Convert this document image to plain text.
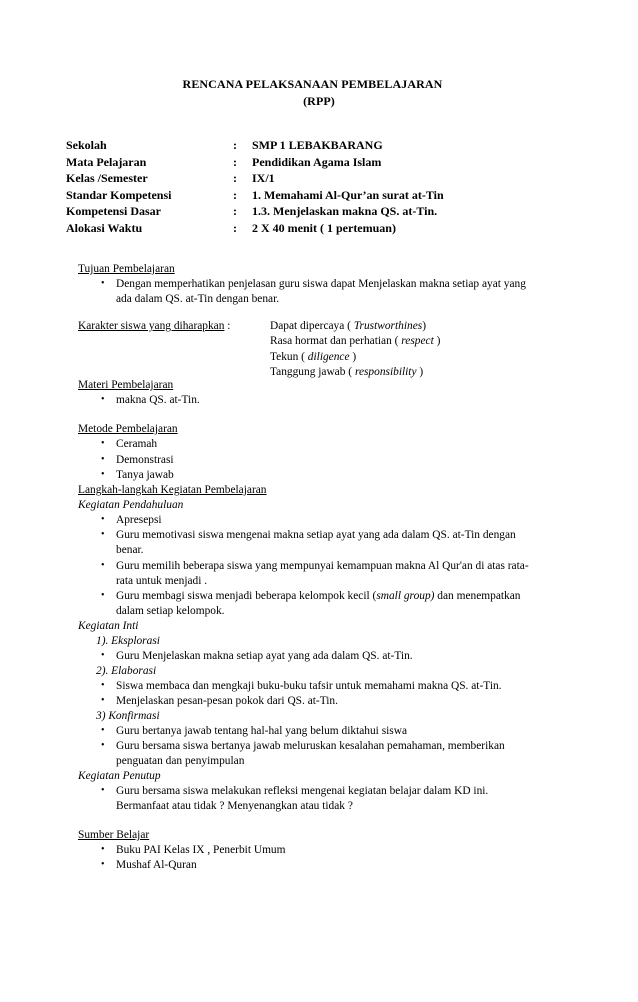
RENCANA PELAKSANAAN PEMBELAJARAN
(RPP)
Sekolah	: SMP 1 LEBAKBARANG
Mata Pelajaran	: Pendidikan Agama Islam
Kelas /Semester	: IX/1
Standar Kompetensi	: 1. Memahami Al-Qur’an surat at-Tin
Kompetensi Dasar	: 1.3. Menjelaskan makna QS. at-Tin.
Alokasi Waktu	: 2 X 40 menit ( 1 pertemuan)
Tujuan Pembelajaran
• Dengan memperhatikan penjelasan guru siswa dapat Menjelaskan makna setiap ayat yang
ada dalam QS. at-Tin dengan benar.
Karakter siswa yang diharapkan :	Dapat dipercaya ( Trustworthines)
Rasa hormat dan perhatian ( respect )
Tekun ( diligence )
Tanggung jawab ( responsibility )
Materi Pembelajaran
• makna QS. at-Tin.
Metode Pembelajaran
• Ceramah
• Demonstrasi
• Tanya jawab
Langkah-langkah Kegiatan Pembelajaran
Kegiatan Pendahuluan
• Apresepsi
• Guru memotivasi siswa mengenai makna setiap ayat yang ada dalam QS. at-Tin dengan
benar.
• Guru memilih beberapa siswa yang mempunyai kemampuan makna Al Qur'an di atas rata-
rata untuk menjadi .
• Guru membagi siswa menjadi beberapa kelompok kecil (small group) dan menempatkan
dalam setiap kelompok.
Kegiatan Inti
1). Eksplorasi
• Guru Menjelaskan makna setiap ayat yang ada dalam QS. at-Tin.
2). Elaborasi
• Siswa membaca dan mengkaji buku-buku tafsir untuk memahami makna QS. at-Tin.
• Menjelaskan pesan-pesan pokok dari QS. at-Tin.
3) Konfirmasi
• Guru bertanya jawab tentang hal-hal yang belum diktahui siswa
• Guru bersama siswa bertanya jawab meluruskan kesalahan pemahaman, memberikan
penguatan dan penyimpulan
Kegiatan Penutup
• Guru bersama siswa melakukan refleksi mengenai kegiatan belajar dalam KD ini.
Bermanfaat atau tidak ? Menyenangkan atau tidak ?
Sumber Belajar
• Buku PAI Kelas IX , Penerbit Umum
• Mushaf Al-Quran
